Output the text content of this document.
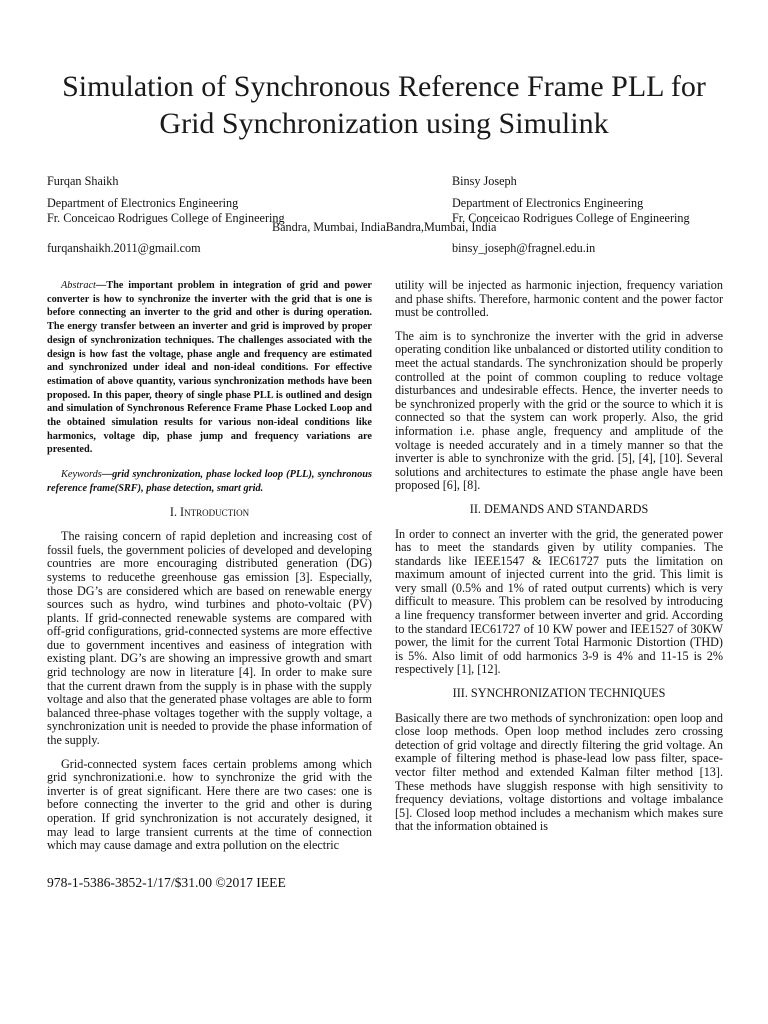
Simulation of Synchronous Reference Frame PLL for
Grid Synchronization using Simulink
Furqan Shaikh
Department of Electronics Engineering
Fr. Conceicao Rodrigues College of Engineering
furqanshaikh.2011@gmail.com
Binsy Joseph
Department of Electronics Engineering
Fr. Conceicao Rodrigues College of Engineering
binsy_joseph@fragnel.edu.in
Bandra, Mumbai, IndiaBandra,Mumbai, India

Abstract—The important problem in integration of grid and power converter is how to synchronize the inverter with the grid that is one is before connecting an inverter to the grid and other is during operation. The energy transfer between an inverter and grid is improved by proper design of synchronization techniques. The challenges associated with the design is how fast the voltage, phase angle and frequency are estimated and synchronized under ideal and non-ideal conditions. For effective estimation of above quantity, various synchronization methods have been proposed. In this paper, theory of single phase PLL is outlined and design and simulation of Synchronous Reference Frame Phase Locked Loop and the obtained simulation results for various non-ideal conditions like harmonics, voltage dip, phase jump and frequency variations are presented.

Keywords—grid synchronization, phase locked loop (PLL), synchronous reference frame(SRF), phase detection, smart grid.

I. Introduction

The raising concern of rapid depletion and increasing cost of fossil fuels, the government policies of developed and developing countries are more encouraging distributed generation (DG) systems to reducethe greenhouse gas emission [3]. Especially, those DG’s are considered which are based on renewable energy sources such as hydro, wind turbines and photo-voltaic (PV) plants. If grid-connected renewable systems are compared with off-grid configurations, grid-connected systems are more effective due to government incentives and easiness of integration with existing plant. DG’s are showing an impressive growth and smart grid technology are now in literature [4]. In order to make sure that the current drawn from the supply is in phase with the supply voltage and also that the generated phase voltages are able to form balanced three-phase voltages together with the supply voltage, a synchronization unit is needed to provide the phase information of the supply.

Grid-connected system faces certain problems among which grid synchronizationi.e. how to synchronize the grid with the inverter is of great significant. Here there are two cases: one is before connecting the inverter to the grid and other is during operation. If grid synchronization is not accurately designed, it may lead to large transient currents at the time of connection which may cause damage and extra pollution on the electric

utility will be injected as harmonic injection, frequency variation and phase shifts. Therefore, harmonic content and the power factor must be controlled.

The aim is to synchronize the inverter with the grid in adverse operating condition like unbalanced or distorted utility condition to meet the actual standards. The synchronization should be properly controlled at the point of common coupling to reduce voltage disturbances and undesirable effects. Hence, the inverter needs to be synchronized properly with the grid or the source to which it is connected so that the system can work properly. Also, the grid information i.e. phase angle, frequency and amplitude of the voltage is needed accurately and in a timely manner so that the inverter is able to synchronize with the grid. [5], [4], [10]. Several solutions and architectures to estimate the phase angle have been proposed [6], [8].

II. DEMANDS AND STANDARDS

In order to connect an inverter with the grid, the generated power has to meet the standards given by utility companies. The standards like IEEE1547 & IEC61727 puts the limitation on maximum amount of injected current into the grid. This limit is very small (0.5% and 1% of rated output currents) which is very difficult to measure. This problem can be resolved by introducing a line frequency transformer between inverter and grid. According to the standard IEC61727 of 10 KW power and IEE1527 of 30KW power, the limit for the current Total Harmonic Distortion (THD) is 5%. Also limit of odd harmonics 3-9 is 4% and 11-15 is 2% respectively [1], [12].

III. SYNCHRONIZATION TECHNIQUES

Basically there are two methods of synchronization: open loop and close loop methods. Open loop method includes zero crossing detection of grid voltage and directly filtering the grid voltage. An example of filtering method is phase-lead low pass filter, space-vector filter method and extended Kalman filter method [13]. These methods have sluggish response with high sensitivity to frequency deviations, voltage distortions and voltage imbalance [5]. Closed loop method includes a mechanism which makes sure that the information obtained is

978-1-5386-3852-1/17/$31.00 ©2017 IEEE
